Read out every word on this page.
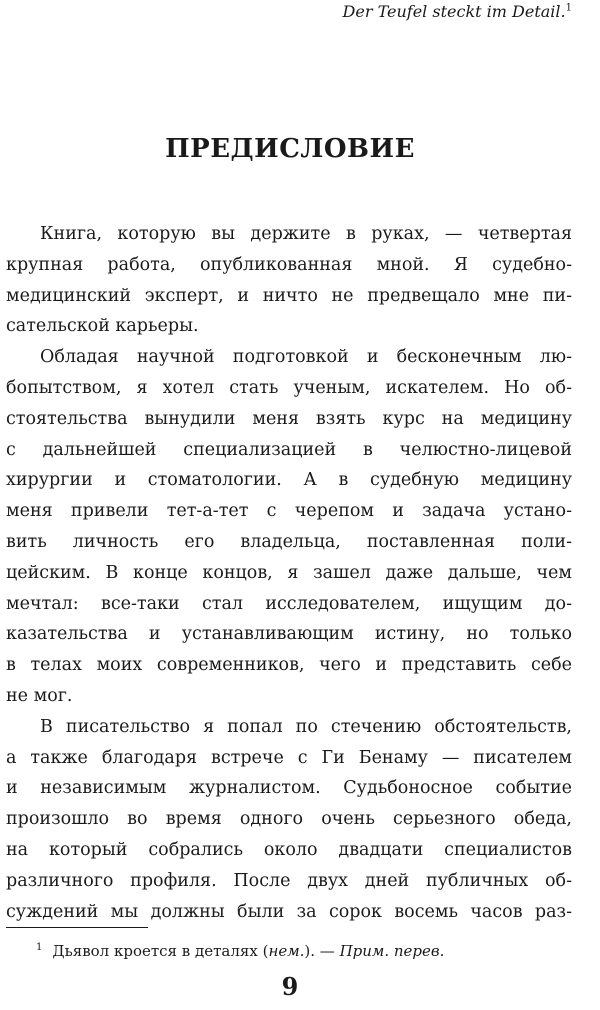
Der Teufel steckt im Detail.$^1$
ПРЕДИСЛОВИЕ
Книга, которую вы держите в руках, — четвертая
крупная работа, опубликованная мной. Я судебно-
медицинский эксперт, и ничто не предвещало мне пи-
сательской карьеры.
Обладая научной подготовкой и бесконечным лю-
бопытством, я хотел стать ученым, искателем. Но об-
стоятельства вынудили меня взять курс на медицину
с дальнейшей специализацией в челюстно-лицевой
хирургии и стоматологии. А в судебную медицину
меня привели тет-а-тет с черепом и задача устано-
вить личность его владельца, поставленная поли-
цейским. В конце концов, я зашел даже дальше, чем
мечтал: все-таки стал исследователем, ищущим до-
казательства и устанавливающим истину, но только
в телах моих современников, чего и представить себе
не мог.
В писательство я попал по стечению обстоятельств,
а также благодаря встрече с Ги Бенаму — писателем
и независимым журналистом. Судьбоносное событие
произошло во время одного очень серьезного обеда,
на который собрались около двадцати специалистов
различного профиля. После двух дней публичных об-
суждений мы должны были за сорок восемь часов раз-
$^1$ Дьявол кроется в деталях (нем.). — Прим. перев.
9
